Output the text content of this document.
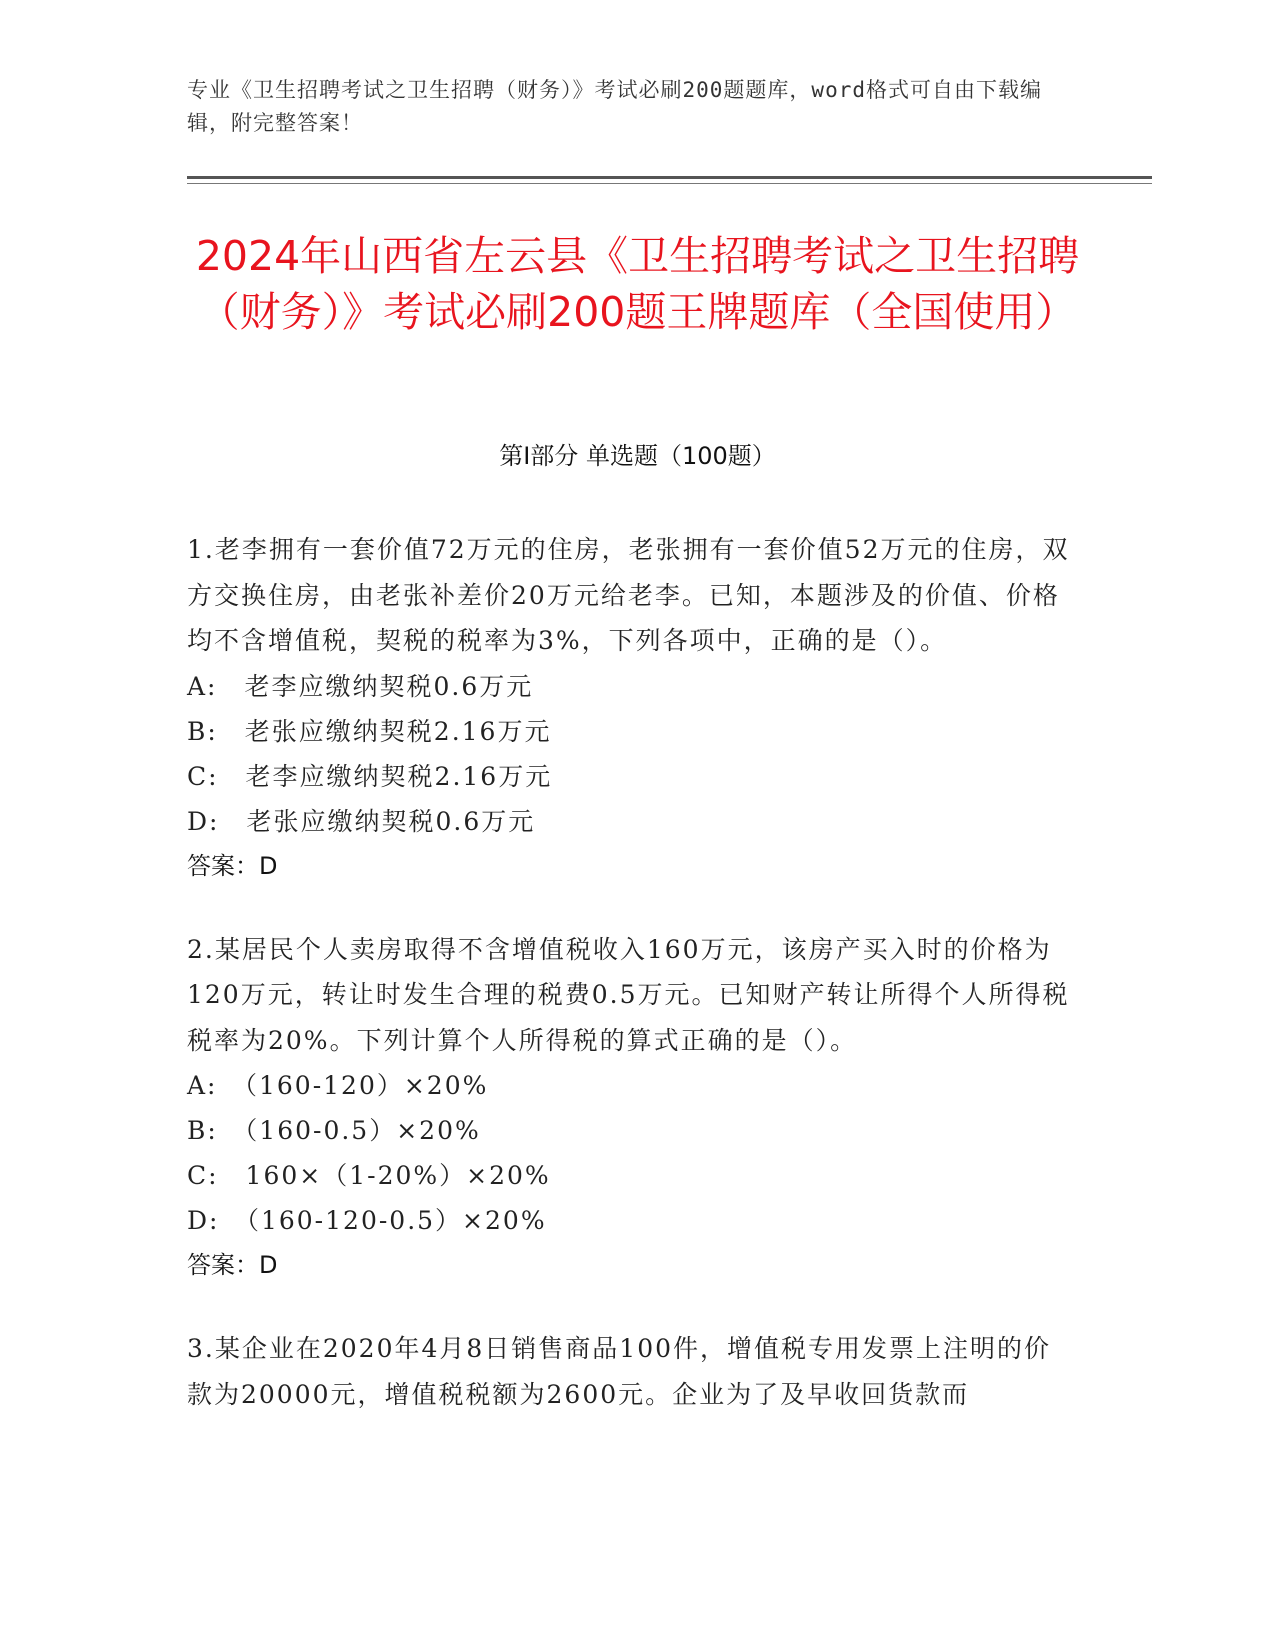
专业《卫生招聘考试之卫生招聘（财务）》考试必刷200题题库，word格式可自由下载编辑，附完整答案！
2024年山西省左云县《卫生招聘考试之卫生招聘（财务）》考试必刷200题王牌题库（全国使用）
第I部分 单选题（100题）
1.老李拥有一套价值72万元的住房，老张拥有一套价值52万元的住房，双方交换住房，由老张补差价20万元给老李。已知，本题涉及的价值、价格均不含增值税，契税的税率为3%，下列各项中，正确的是（）。
A:　老李应缴纳契税0.6万元
B:　老张应缴纳契税2.16万元
C:　老李应缴纳契税2.16万元
D:　老张应缴纳契税0.6万元
答案：D
2.某居民个人卖房取得不含增值税收入160万元，该房产买入时的价格为120万元，转让时发生合理的税费0.5万元。已知财产转让所得个人所得税税率为20%。下列计算个人所得税的算式正确的是（）。
A:　（160-120）×20%
B:　（160-0.5）×20%
C:　160×（1-20%）×20%
D:　（160-120-0.5）×20%
答案：D
3.某企业在2020年4月8日销售商品100件，增值税专用发票上注明的价款为20000元，增值税税额为2600元。企业为了及早收回货款而
